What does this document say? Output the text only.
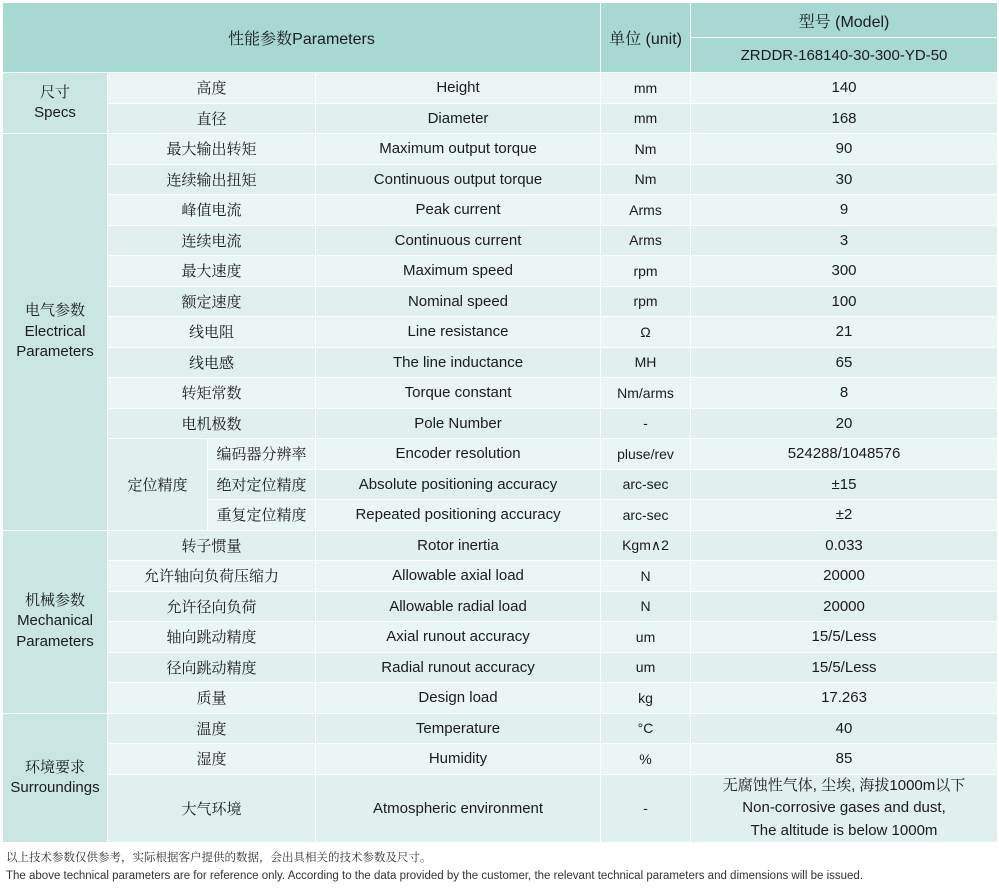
性能参数Parameters				单位 (unit)	型号 (Model)
					ZRDDR-168140-30-300-YD-50
尺寸
Specs	高度		Height	mm	140
	直径		Diameter	mm	168
电气参数
Electrical
Parameters	最大输出转矩		Maximum output torque	Nm	90
	连续输出扭矩		Continuous output torque	Nm	30
	峰值电流		Peak current	Arms	9
	连续电流		Continuous current	Arms	3
	最大速度		Maximum speed	rpm	300
	额定速度		Nominal speed	rpm	100
	线电阻		Line resistance	Ω	21
	线电感		The line inductance	MH	65
	转矩常数		Torque constant	Nm/arms	8
	电机极数		Pole Number	-	20
	定位精度	编码器分辨率	Encoder resolution	pluse/rev	524288/1048576
		绝对定位精度	Absolute positioning accuracy	arc-sec	±15
		重复定位精度	Repeated positioning accuracy	arc-sec	±2
机械参数
Mechanical
Parameters	转子惯量		Rotor inertia	Kgm∧2	0.033
	允许轴向负荷压缩力		Allowable axial load	N	20000
	允许径向负荷		Allowable radial load	N	20000
	轴向跳动精度		Axial runout accuracy	um	15/5/Less
	径向跳动精度		Radial runout accuracy	um	15/5/Less
	质量		Design load	kg	17.263
环境要求
Surroundings	温度		Temperature	°C	40
	湿度		Humidity	%	85
	大气环境		Atmospheric environment	-	无腐蚀性气体, 尘埃, 海拔1000m以下
Non-corrosive gases and dust,
The altitude is below 1000m
以上技术参数仅供参考，实际根据客户提供的数据，会出具相关的技术参数及尺寸。
The above technical parameters are for reference only. According to the data provided by the customer, the relevant technical parameters and dimensions will be issued.
